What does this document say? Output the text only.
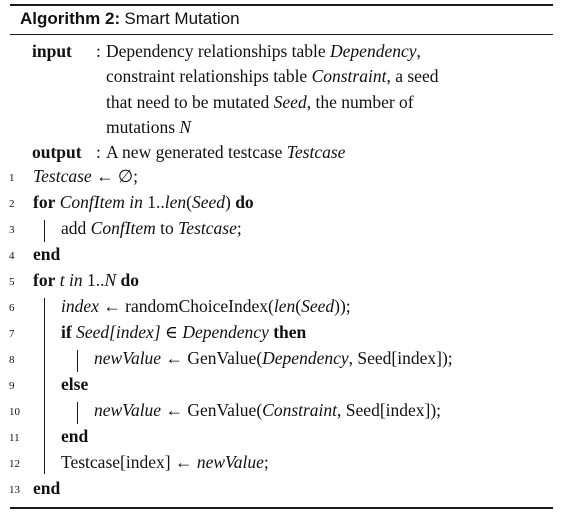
Algorithm 2: Smart Mutation
input : Dependency relationships table Dependency,
constraint relationships table Constraint, a seed
that need to be mutated Seed, the number of
mutations N
output : A new generated testcase Testcase
1
2
3
4
5
6
7
8
9
10
11
12
13
Testcase ← ∅;
for ConfItem in 1..len(Seed) do
add ConfItem to Testcase;
end
for t in 1..N do
index ← randomChoiceIndex(len(Seed));
if Seed[index] ∈ Dependency then
newValue ← GenValue(Dependency, Seed[index]);
else
newValue ← GenValue(Constraint, Seed[index]);
end
Testcase[index] ← newValue;
end
